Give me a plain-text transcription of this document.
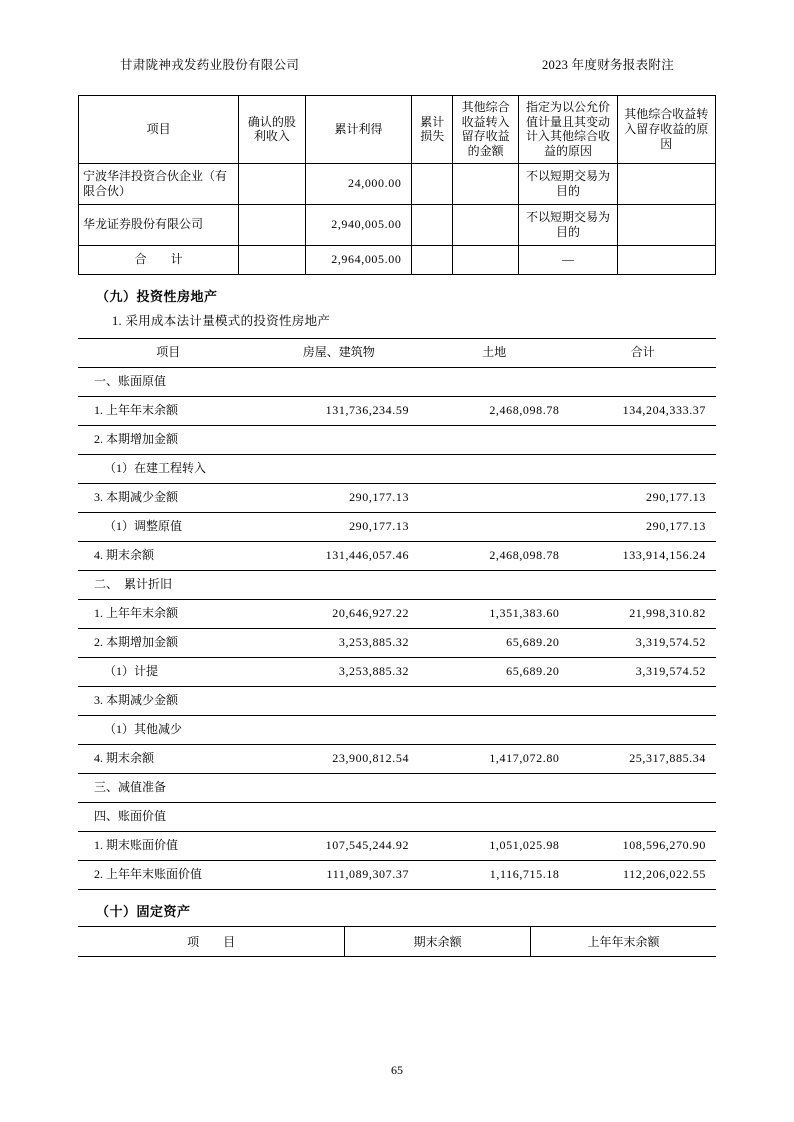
甘肃陇神戎发药业股份有限公司	2023 年度财务报表附注
项目	确认的股利收入	累计利得	累计损失	其他综合收益转入留存收益的金额	指定为以公允价值计量且其变动计入其他综合收益的原因	其他综合收益转入留存收益的原因
宁波华沣投资合伙企业（有限合伙）		24,000.00			不以短期交易为目的	
华龙证券股份有限公司		2,940,005.00			不以短期交易为目的	
合　　计		2,964,005.00			—	
（九）投资性房地产
1. 采用成本法计量模式的投资性房地产
项目	房屋、建筑物	土地	合计
一、账面原值			
1. 上年年末余额	131,736,234.59	2,468,098.78	134,204,333.37
2. 本期增加金额			
（1）在建工程转入			
3. 本期减少金额	290,177.13		290,177.13
（1）调整原值	290,177.13		290,177.13
4. 期末余额	131,446,057.46	2,468,098.78	133,914,156.24
二、　累计折旧			
1. 上年年末余额	20,646,927.22	1,351,383.60	21,998,310.82
2. 本期增加金额	3,253,885.32	65,689.20	3,319,574.52
（1）计提	3,253,885.32	65,689.20	3,319,574.52
3. 本期减少金额			
（1）其他减少			
4. 期末余额	23,900,812.54	1,417,072.80	25,317,885.34
三、减值准备			
四、账面价值			
1. 期末账面价值	107,545,244.92	1,051,025.98	108,596,270.90
2. 上年年末账面价值	111,089,307.37	1,116,715.18	112,206,022.55
（十）固定资产
项　　目	期末余额	上年年末余额
65
